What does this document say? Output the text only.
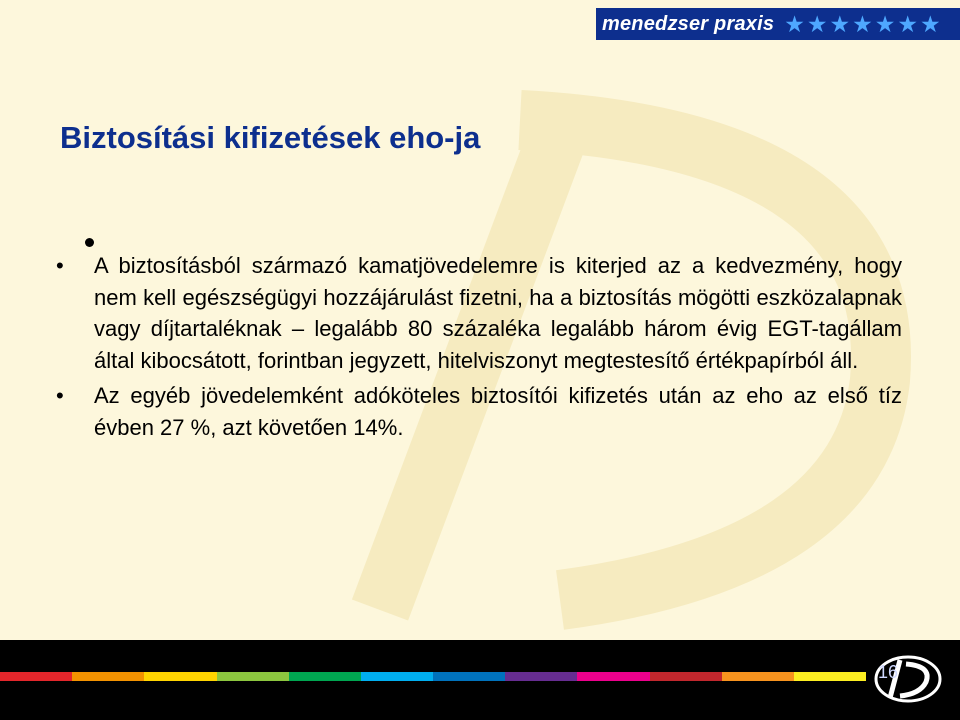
menedzser praxis ★ ★ ★ ★ ★ ★ ★
Biztosítási kifizetések eho-ja
• A biztosításból származó kamatjövedelemre is kiterjed az a kedvezmény, hogy nem kell egészségügyi hozzájárulást fizetni, ha a biztosítás mögötti eszközalapnak vagy díjtartaléknak – legalább 80 százaléka legalább három évig EGT-tagállam által kibocsátott, forintban jegyzett, hitelviszonyt megtestesítő értékpapírból áll.
• Az egyéb jövedelemként adóköteles biztosítói kifizetés után az eho az első tíz évben 27 %, azt követően 14%.
16
